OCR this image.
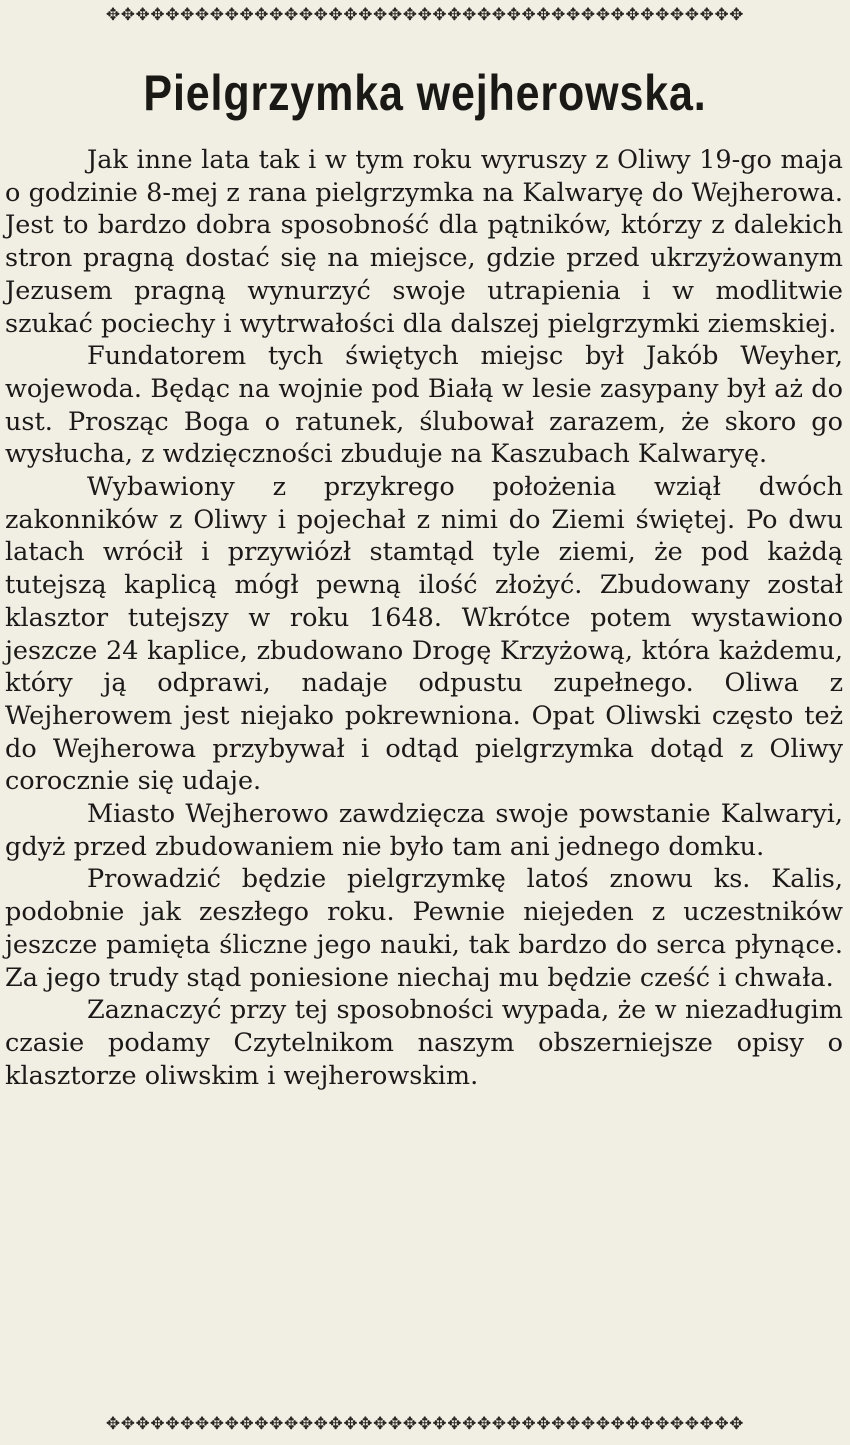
✥✥✥✥✥✥✥✥✥✥✥✥✥✥✥✥✥✥✥✥✥✥✥✥✥✥✥✥✥✥✥✥✥✥✥✥✥✥✥✥✥✥✥
Pielgrzymka wejherowska.

Jak inne lata tak i w tym roku wyruszy z Oliwy 19-go maja o godzinie 8-mej z rana pielgrzymka na Kalwaryę do Wejherowa. Jest to bardzo dobra sposobność dla pątników, którzy z dalekich stron pragną dostać się na miejsce, gdzie przed ukrzyżowanym Jezusem pragną wynurzyć swoje utrapienia i w modlitwie szukać pociechy i wytrwałości dla dalszej pielgrzymki ziemskiej.

Fundatorem tych świętych miejsc był Jakób Weyher, wojewoda. Będąc na wojnie pod Białą w lesie zasypany był aż do ust. Prosząc Boga o ratunek, ślubował zarazem, że skoro go wysłucha, z wdzięczności zbuduje na Kaszubach Kalwaryę.

Wybawiony z przykrego położenia wziął dwóch zakonników z Oliwy i pojechał z nimi do Ziemi świętej. Po dwu latach wrócił i przywiózł stamtąd tyle ziemi, że pod każdą tutejszą kaplicą mógł pewną ilość złożyć. Zbudowany został klasztor tutejszy w roku 1648. Wkrótce potem wystawiono jeszcze 24 kaplice, zbudowano Drogę Krzyżową, która każdemu, który ją odprawi, nadaje odpustu zupełnego. Oliwa z Wejherowem jest niejako pokrewniona. Opat Oliwski często też do Wejherowa przybywał i odtąd pielgrzymka dotąd z Oliwy corocznie się udaje.

Miasto Wejherowo zawdzięcza swoje powstanie Kalwaryi, gdyż przed zbudowaniem nie było tam ani jednego domku.

Prowadzić będzie pielgrzymkę latoś znowu ks. Kalis, podobnie jak zeszłego roku. Pewnie niejeden z uczestników jeszcze pamięta śliczne jego nauki, tak bardzo do serca płynące. Za jego trudy stąd poniesione niechaj mu będzie cześć i chwała.

Zaznaczyć przy tej sposobności wypada, że w niezadługim czasie podamy Czytelnikom naszym obszerniejsze opisy o klasztorze oliwskim i wejherowskim.

✥✥✥✥✥✥✥✥✥✥✥✥✥✥✥✥✥✥✥✥✥✥✥✥✥✥✥✥✥✥✥✥✥✥✥✥✥✥✥✥✥✥✥
